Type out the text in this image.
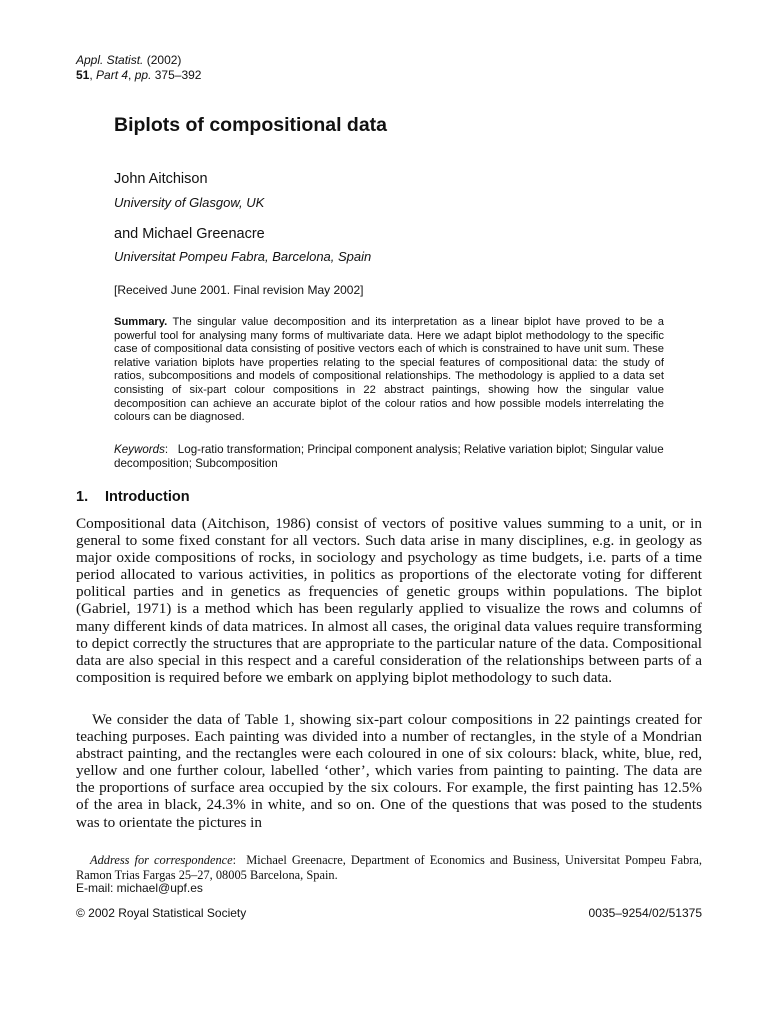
Appl. Statist. (2002)
51, Part 4, pp. 375–392
Biplots of compositional data
John Aitchison
University of Glasgow, UK
and Michael Greenacre
Universitat Pompeu Fabra, Barcelona, Spain
[Received June 2001. Final revision May 2002]
Summary. The singular value decomposition and its interpretation as a linear biplot have proved to be a powerful tool for analysing many forms of multivariate data. Here we adapt biplot methodology to the specific case of compositional data consisting of positive vectors each of which is constrained to have unit sum. These relative variation biplots have properties relating to the special features of compositional data: the study of ratios, subcompositions and models of compositional relationships. The methodology is applied to a data set consisting of six-part colour compositions in 22 abstract paintings, showing how the singular value decomposition can achieve an accurate biplot of the colour ratios and how possible models interrelating the colours can be diagnosed.
Keywords:   Log-ratio transformation; Principal component analysis; Relative variation biplot; Singular value decomposition; Subcomposition
1. Introduction

Compositional data (Aitchison, 1986) consist of vectors of positive values summing to a unit, or in general to some fixed constant for all vectors. Such data arise in many disciplines, e.g. in geology as major oxide compositions of rocks, in sociology and psychology as time budgets, i.e. parts of a time period allocated to various activities, in politics as proportions of the electorate voting for different political parties and in genetics as frequencies of genetic groups within populations. The biplot (Gabriel, 1971) is a method which has been regularly applied to visualize the rows and columns of many different kinds of data matrices. In almost all cases, the original data values require transforming to depict correctly the structures that are appropriate to the particular nature of the data. Compositional data are also special in this respect and a careful consideration of the relationships between parts of a composition is required before we embark on applying biplot methodology to such data.

We consider the data of Table 1, showing six-part colour compositions in 22 paintings created for teaching purposes. Each painting was divided into a number of rectangles, in the style of a Mondrian abstract painting, and the rectangles were each coloured in one of six colours: black, white, blue, red, yellow and one further colour, labelled ‘other’, which varies from painting to painting. The data are the proportions of surface area occupied by the six colours. For example, the first painting has 12.5% of the area in black, 24.3% in white, and so on. One of the questions that was posed to the students was to orientate the pictures in

Address for correspondence:  Michael Greenacre, Department of Economics and Business, Universitat Pompeu Fabra, Ramon Trias Fargas 25–27, 08005 Barcelona, Spain.
E-mail: michael@upf.es
© 2002 Royal Statistical Society	0035–9254/02/51375
